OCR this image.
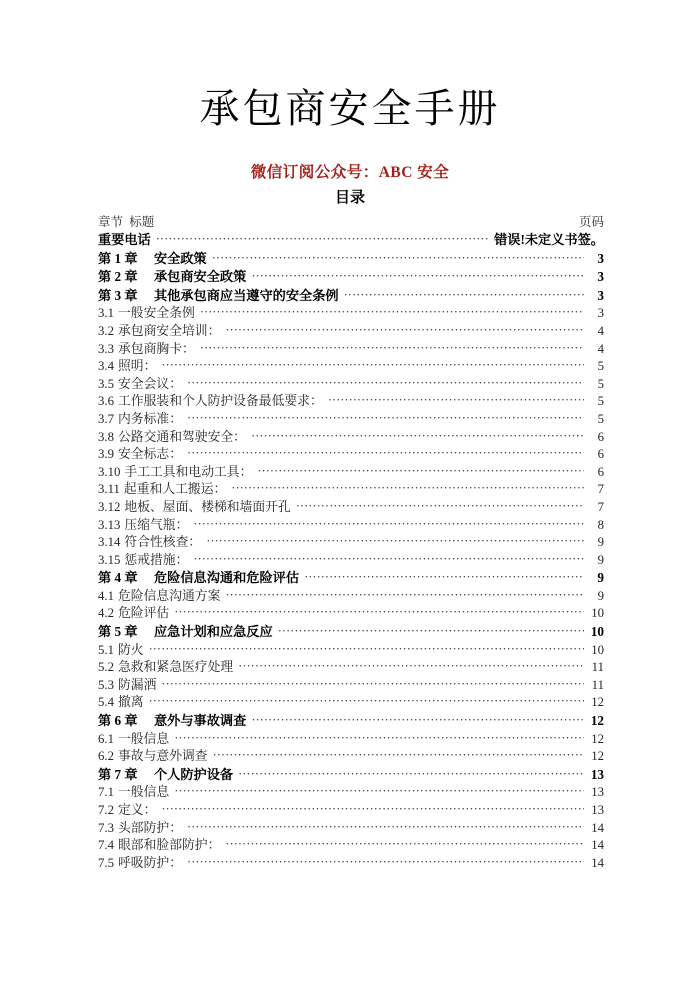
承包商安全手册
微信订阅公众号：ABC 安全
目录
章节  标题	页码
重要电话 ·····	错误!未定义书签。
第 1 章	安全政策 ·····	3
第 2 章	承包商安全政策 ·····	3
第 3 章	其他承包商应当遵守的安全条例 ·····	3
3.1 一般安全条例 ·····	3
3.2 承包商安全培训： ·····	4
3.3 承包商胸卡： ·····	4
3.4 照明： ·····	5
3.5 安全会议： ·····	5
3.6 工作服装和个人防护设备最低要求： ·····	5
3.7 内务标准： ·····	5
3.8 公路交通和驾驶安全： ·····	6
3.9 安全标志： ·····	6
3.10 手工工具和电动工具： ·····	6
3.11 起重和人工搬运： ·····	7
3.12 地板、屋面、楼梯和墙面开孔 ·····	7
3.13 压缩气瓶： ·····	8
3.14 符合性核查： ·····	9
3.15 惩戒措施： ·····	9
第 4 章	危险信息沟通和危险评估 ·····	9
4.1 危险信息沟通方案 ·····	9
4.2 危险评估 ·····	10
第 5 章	应急计划和应急反应 ·····	10
5.1 防火 ·····	10
5.2 急救和紧急医疗处理 ·····	11
5.3 防漏洒 ·····	11
5.4 撤离 ·····	12
第 6 章	意外与事故调查 ·····	12
6.1 一般信息 ·····	12
6.2 事故与意外调查 ·····	12
第 7 章	个人防护设备 ·····	13
7.1 一般信息 ·····	13
7.2 定义： ·····	13
7.3 头部防护： ·····	14
7.4 眼部和脸部防护： ·····	14
7.5 呼吸防护： ·····	14
